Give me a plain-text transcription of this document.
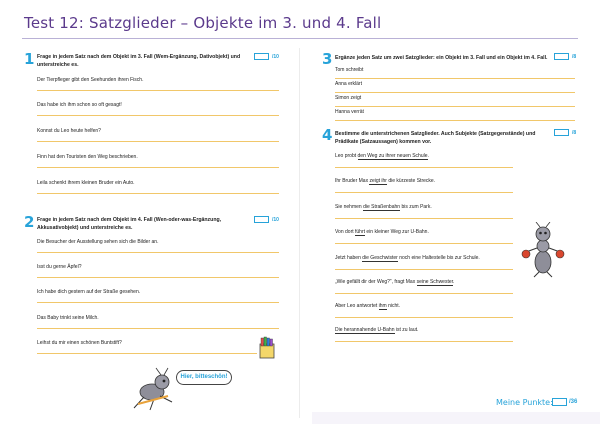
Test 12: Satzglieder – Objekte im 3. und 4. Fall
1 Frage in jedem Satz nach dem Objekt im 3. Fall (Wem-Ergänzung, Dativobjekt) und unterstreiche es.
/10
Der Tierpfleger gibt den Seehunden ihren Fisch.
Das habe ich ihm schon so oft gesagt!
Konnst du Leo heute helfen?
Finn hat den Touristen den Weg beschrieben.
Leila schenkt ihrem kleinen Bruder ein Auto.
2 Frage in jedem Satz nach dem Objekt im 4. Fall (Wen-oder-was-Ergänzung, Akkusativobjekt) und unterstreiche es.
/10
Die Besucher der Ausstellung sehen sich die Bilder an.
Isst du gerne Äpfel?
Ich habe dich gestern auf der Straße gesehen.
Das Baby trinkt seine Milch.
Leihst du mir einen schönen Buntstift?
Hier, bitteschön!
3 Ergänze jeden Satz um zwei Satzglieder: ein Objekt im 3. Fall und ein Objekt im 4. Fall.	/8
Tom schreibt
Anna erklärt
Simon zeigt
Hanna verrät
4 Bestimme die unterstrichenen Satzglieder. Auch Subjekte (Satzgegenstände) und Prädikate (Satzaussagen) kommen vor.
/8
Leo probt den Weg zu ihrer neuen Schule.
Ihr Bruder Max zeigt ihr die kürzeste Strecke.
Sie nehmen die Straßenbahn bis zum Park.
Von dort führt ein kleiner Weg zur U-Bahn.
Jetzt haben die Geschwister noch eine Haltestelle bis zur Schule.
„Wie gefällt dir der Weg?“, fragt Max seine Schwester.
Aber Leo antwortet ihm nicht.
Die herannahende U-Bahn ist zu laut.
Meine Punkte:	/36
